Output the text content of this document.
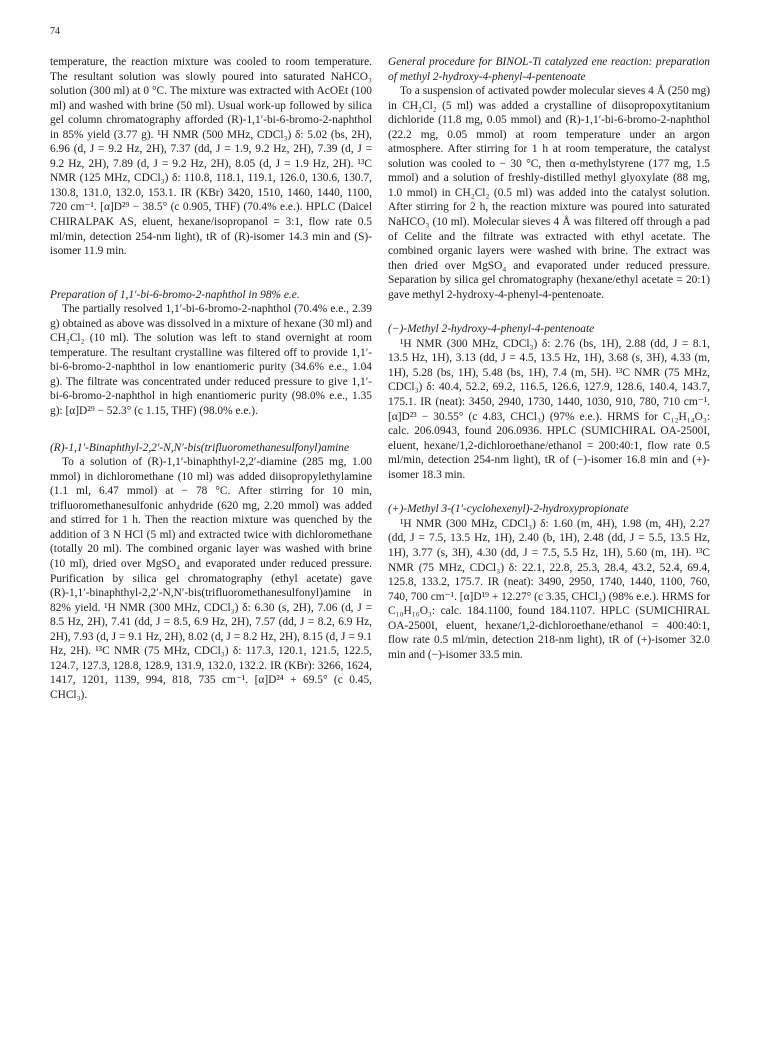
74

temperature, the reaction mixture was cooled to room temperature. The resultant solution was slowly poured into saturated NaHCO₃ solution (300 ml) at 0 °C. The mixture was extracted with AcOEt (100 ml) and washed with brine (50 ml). Usual work-up followed by silica gel column chromatography afforded (R)-1,1′-bi-6-bromo-2-naphthol in 85% yield (3.77 g). ¹H NMR (500 MHz, CDCl₃) δ: 5.02 (bs, 2H), 6.96 (d, J = 9.2 Hz, 2H), 7.37 (dd, J = 1.9, 9.2 Hz, 2H), 7.39 (d, J = 9.2 Hz, 2H), 7.89 (d, J = 9.2 Hz, 2H), 8.05 (d, J = 1.9 Hz, 2H). ¹³C NMR (125 MHz, CDCl₃) δ: 110.8, 118.1, 119.1, 126.0, 130.6, 130.7, 130.8, 131.0, 132.0, 153.1. IR (KBr) 3420, 1510, 1460, 1440, 1100, 720 cm⁻¹. [α]D²⁹ − 38.5° (c 0.905, THF) (70.4% e.e.). HPLC (Daicel CHIRALPAK AS, eluent, hexane/isopropanol = 3:1, flow rate 0.5 ml/min, detection 254-nm light), tR of (R)-isomer 14.3 min and (S)-isomer 11.9 min.

Preparation of 1,1′-bi-6-bromo-2-naphthol in 98% e.e.

The partially resolved 1,1′-bi-6-bromo-2-naphthol (70.4% e.e., 2.39 g) obtained as above was dissolved in a mixture of hexane (30 ml) and CH₂Cl₂ (10 ml). The solution was left to stand overnight at room temperature. The resultant crystalline was filtered off to provide 1,1′-bi-6-bromo-2-naphthol in low enantiomeric purity (34.6% e.e., 1.04 g). The filtrate was concentrated under reduced pressure to give 1,1′-bi-6-bromo-2-naphthol in high enantiomeric purity (98.0% e.e., 1.35 g): [α]D²⁹ − 52.3° (c 1.15, THF) (98.0% e.e.).

(R)-1,1′-Binaphthyl-2,2′-N,N′-bis(trifluoromethanesulfonyl)amine

To a solution of (R)-1,1′-binaphthyl-2,2′-diamine (285 mg, 1.00 mmol) in dichloromethane (10 ml) was added diisopropylethylamine (1.1 ml, 6.47 mmol) at − 78 °C. After stirring for 10 min, trifluoromethanesulfonic anhydride (620 mg, 2.20 mmol) was added and stirred for 1 h. Then the reaction mixture was quenched by the addition of 3 N HCl (5 ml) and extracted twice with dichloromethane (totally 20 ml). The combined organic layer was washed with brine (10 ml), dried over MgSO₄ and evaporated under reduced pressure. Purification by silica gel chromatography (ethyl acetate) gave (R)-1,1′-binaphthyl-2,2′-N,N′-bis(trifluoromethanesulfonyl)amine in 82% yield. ¹H NMR (300 MHz, CDCl₃) δ: 6.30 (s, 2H), 7.06 (d, J = 8.5 Hz, 2H), 7.41 (dd, J = 8.5, 6.9 Hz, 2H), 7.57 (dd, J = 8.2, 6.9 Hz, 2H), 7.93 (d, J = 9.1 Hz, 2H), 8.02 (d, J = 8.2 Hz, 2H), 8.15 (d, J = 9.1 Hz, 2H). ¹³C NMR (75 MHz, CDCl₃) δ: 117.3, 120.1, 121.5, 122.5, 124.7, 127.3, 128.8, 128.9, 131.9, 132.0, 132.2. IR (KBr): 3266, 1624, 1417, 1201, 1139, 994, 818, 735 cm⁻¹. [α]D²⁴ + 69.5° (c 0.45, CHCl₃).

General procedure for BINOL-Ti catalyzed ene reaction: preparation of methyl 2-hydroxy-4-phenyl-4-pentenoate

To a suspension of activated powder molecular sieves 4 Å (250 mg) in CH₂Cl₂ (5 ml) was added a crystalline of diisopropoxytitanium dichloride (11.8 mg, 0.05 mmol) and (R)-1,1′-bi-6-bromo-2-naphthol (22.2 mg, 0.05 mmol) at room temperature under an argon atmosphere. After stirring for 1 h at room temperature, the catalyst solution was cooled to − 30 °C, then α-methylstyrene (177 mg, 1.5 mmol) and a solution of freshly-distilled methyl glyoxylate (88 mg, 1.0 mmol) in CH₂Cl₂ (0.5 ml) was added into the catalyst solution. After stirring for 2 h, the reaction mixture was poured into saturated NaHCO₃ (10 ml). Molecular sieves 4 Å was filtered off through a pad of Celite and the filtrate was extracted with ethyl acetate. The combined organic layers were washed with brine. The extract was then dried over MgSO₄ and evaporated under reduced pressure. Separation by silica gel chromatography (hexane/ethyl acetate = 20:1) gave methyl 2-hydroxy-4-phenyl-4-pentenoate.

(−)-Methyl 2-hydroxy-4-phenyl-4-pentenoate

¹H NMR (300 MHz, CDCl₃) δ: 2.76 (bs, 1H), 2.88 (dd, J = 8.1, 13.5 Hz, 1H), 3.13 (dd, J = 4.5, 13.5 Hz, 1H), 3.68 (s, 3H), 4.33 (m, 1H), 5.28 (bs, 1H), 5.48 (bs, 1H), 7.4 (m, 5H). ¹³C NMR (75 MHz, CDCl₃) δ: 40.4, 52.2, 69.2, 116.5, 126.6, 127.9, 128.6, 140.4, 143.7, 175.1. IR (neat): 3450, 2940, 1730, 1440, 1030, 910, 780, 710 cm⁻¹. [α]D²³ − 30.55° (c 4.83, CHCl₃) (97% e.e.). HRMS for C₁₂H₁₄O₃: calc. 206.0943, found 206.0936. HPLC (SUMICHIRAL OA-2500I, eluent, hexane/1,2-dichloroethane/ethanol = 200:40:1, flow rate 0.5 ml/min, detection 254-nm light), tR of (−)-isomer 16.8 min and (+)-isomer 18.3 min.

(+)-Methyl 3-(1′-cyclohexenyl)-2-hydroxypropionate

¹H NMR (300 MHz, CDCl₃) δ: 1.60 (m, 4H), 1.98 (m, 4H), 2.27 (dd, J = 7.5, 13.5 Hz, 1H), 2.40 (b, 1H), 2.48 (dd, J = 5.5, 13.5 Hz, 1H), 3.77 (s, 3H), 4.30 (dd, J = 7.5, 5.5 Hz, 1H), 5.60 (m, 1H). ¹³C NMR (75 MHz, CDCl₃) δ: 22.1, 22.8, 25.3, 28.4, 43.2, 52.4, 69.4, 125.8, 133.2, 175.7. IR (neat): 3490, 2950, 1740, 1440, 1100, 760, 740, 700 cm⁻¹. [α]D¹⁹ + 12.27° (c 3.35, CHCl₃) (98% e.e.). HRMS for C₁₀H₁₆O₃: calc. 184.1100, found 184.1107. HPLC (SUMICHIRAL OA-2500I, eluent, hexane/1,2-dichloroethane/ethanol = 400:40:1, flow rate 0.5 ml/min, detection 218-nm light), tR of (+)-isomer 32.0 min and (−)-isomer 33.5 min.
